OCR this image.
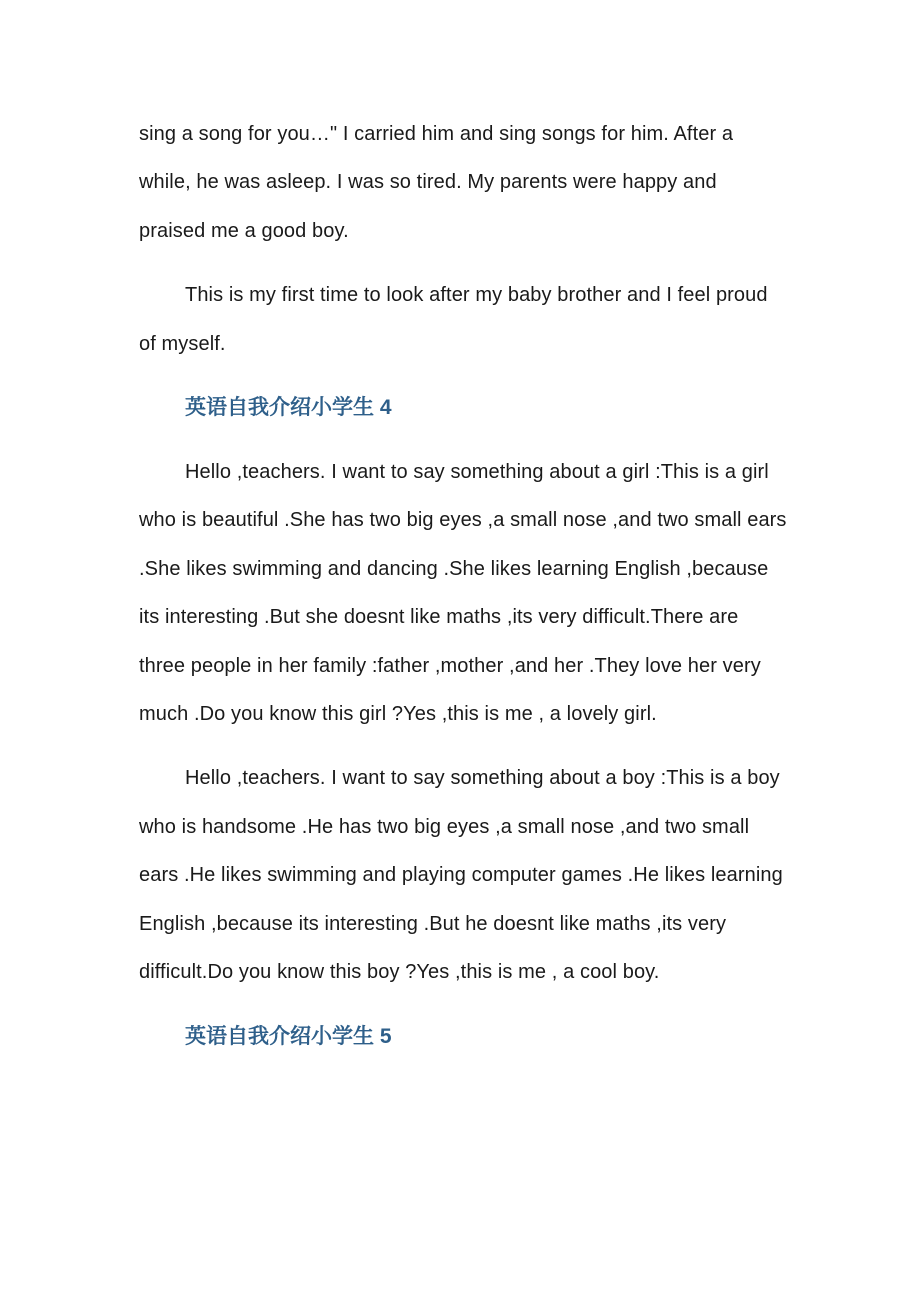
sing a song for you…" I carried him and sing songs for him. After a while, he was asleep. I was so tired. My parents were happy and praised me a good boy.

This is my first time to look after my baby brother and I feel proud of myself.

英语自我介绍小学生 4

Hello ,teachers. I want to say something about a girl :This is a girl who is beautiful .She has two big eyes ,a small nose ,and two small ears .She likes swimming and dancing .She likes learning English ,because its interesting .But she doesnt like maths ,its very difficult.There are three people in her family :father ,mother ,and her .They love her very much .Do you know this girl ?Yes ,this is me , a lovely girl.

Hello ,teachers. I want to say something about a boy :This is a boy who is handsome .He has two big eyes ,a small nose ,and two small ears .He likes swimming and playing computer games .He likes learning English ,because its interesting .But he doesnt like maths ,its very difficult.Do you know this boy ?Yes ,this is me , a cool boy.

英语自我介绍小学生 5
